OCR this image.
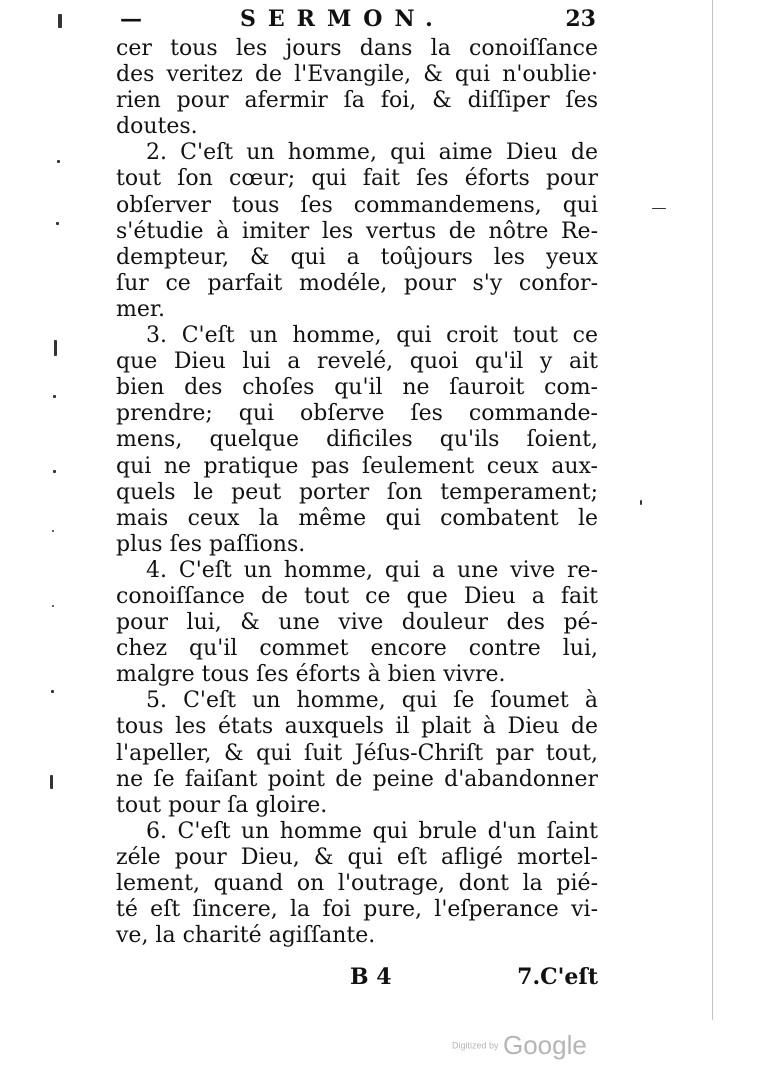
—	SERMON.	23
cer tous les jours dans la conoiſſance
des veritez de l'Evangile, & qui n'oublie·
rien pour afermir ſa foi, & diſſiper ſes
doutes.
2. C'eſt un homme, qui aime Dieu de
tout ſon cœur; qui fait ſes éforts pour
obſerver tous ſes commandemens, qui
s'étudie à imiter les vertus de nôtre Re-
dempteur, & qui a toûjours les yeux
ſur ce parfait modéle, pour s'y confor-
mer.
3. C'eſt un homme, qui croit tout ce
que Dieu lui a revelé, quoi qu'il y ait
bien des choſes qu'il ne ſauroit com-
prendre; qui obſerve ſes commande-
mens, quelque dificiles qu'ils ſoient,
qui ne pratique pas ſeulement ceux aux-
quels le peut porter ſon temperament;
mais ceux la même qui combatent le
plus ſes paſſions.
4. C'eſt un homme, qui a une vive re-
conoiſſance de tout ce que Dieu a fait
pour lui, & une vive douleur des pé-
chez qu'il commet encore contre lui,
malgre tous ſes éforts à bien vivre.
5. C'eſt un homme, qui ſe ſoumet à
tous les états auxquels il plait à Dieu de
l'apeller, & qui ſuit Jéſus-Chriſt par tout,
ne ſe faiſant point de peine d'abandonner
tout pour ſa gloire.
6. C'eſt un homme qui brule d'un ſaint
zéle pour Dieu, & qui eſt afligé mortel-
lement, quand on l'outrage, dont la pié-
té eſt ſincere, la foi pure, l'eſperance vi-
ve, la charité agiſſante.
B 4	7.C'eſt
Digitized by Google
